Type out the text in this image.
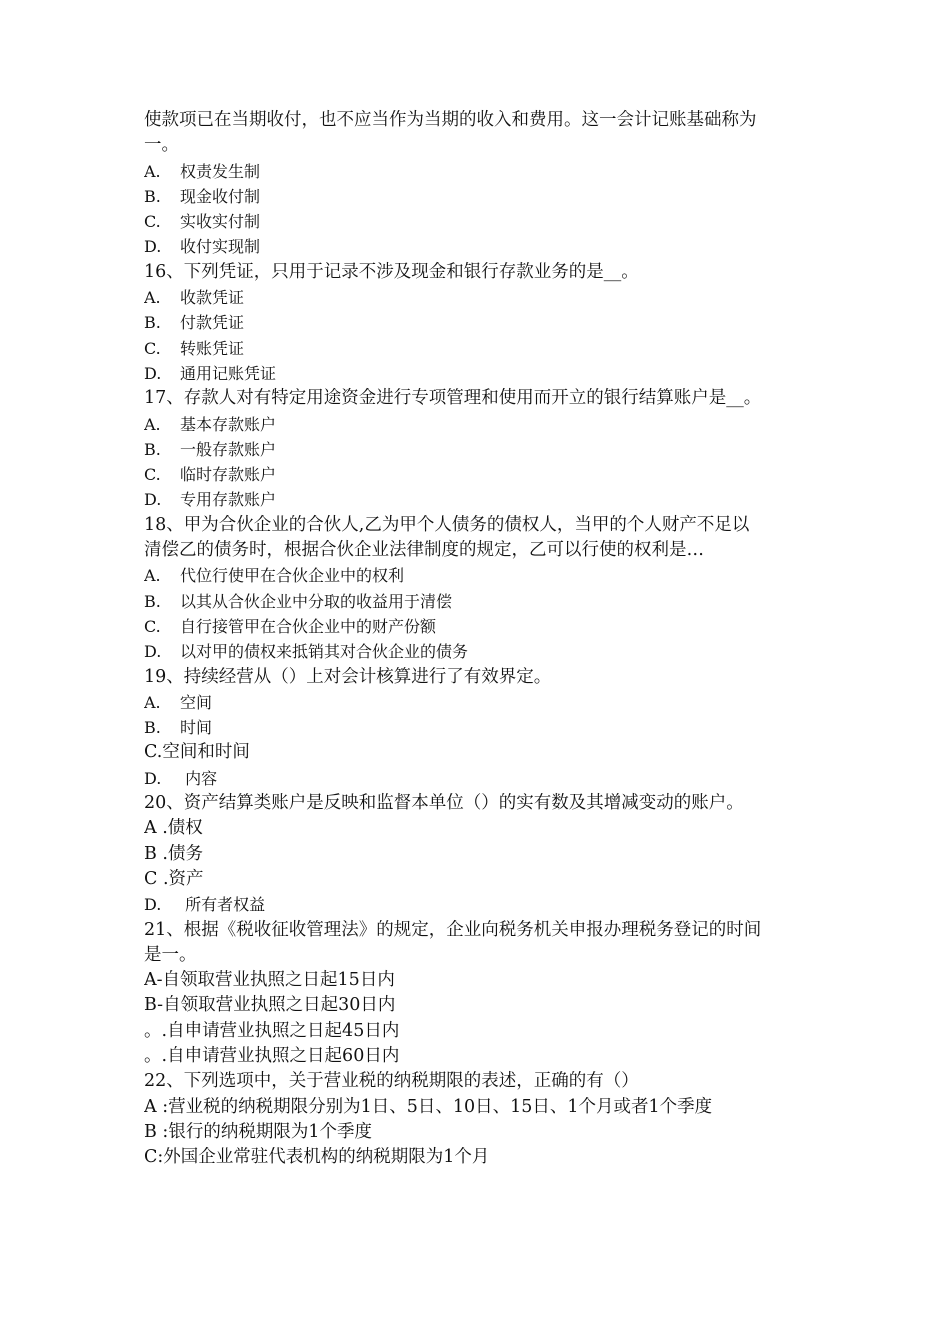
使款项已在当期收付，也不应当作为当期的收入和费用。这一会计记账基础称为
一。
A. 权责发生制
B. 现金收付制
C. 实收实付制
D. 收付实现制
16、下列凭证，只用于记录不涉及现金和银行存款业务的是__。
A. 收款凭证
B. 付款凭证
C. 转账凭证
D. 通用记账凭证
17、存款人对有特定用途资金进行专项管理和使用而开立的银行结算账户是__。
A. 基本存款账户
B. 一般存款账户
C. 临时存款账户
D. 专用存款账户
18、甲为合伙企业的合伙人,乙为甲个人债务的债权人，当甲的个人财产不足以
清偿乙的债务时，根据合伙企业法律制度的规定，乙可以行使的权利是…
A. 代位行使甲在合伙企业中的权利
B. 以其从合伙企业中分取的收益用于清偿
C. 自行接管甲在合伙企业中的财产份额
D. 以对甲的债权来抵销其对合伙企业的债务
19、持续经营从（）上对会计核算进行了有效界定。
A. 空间
B. 时间
C.空间和时间
D. 内容
20、资产结算类账户是反映和监督本单位（）的实有数及其增减变动的账户。
A .债权
B .债务
C .资产
D. 所有者权益
21、根据《税收征收管理法》的规定，企业向税务机关申报办理税务登记的时间
是一。
A-自领取营业执照之日起15日内
B-自领取营业执照之日起30日内
。.自申请营业执照之日起45日内
。.自申请营业执照之日起60日内
22、下列选项中，关于营业税的纳税期限的表述，正确的有（）
A :营业税的纳税期限分别为1日、5日、10日、15日、1个月或者1个季度
B :银行的纳税期限为1个季度
C:外国企业常驻代表机构的纳税期限为1个月
